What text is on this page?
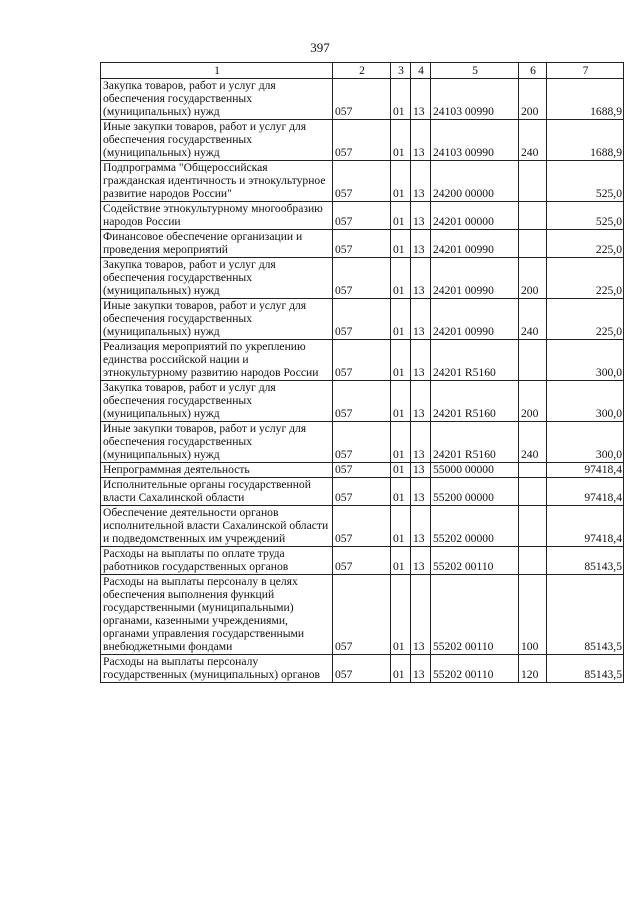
397
1	2	3	4	5	6	7
Закупка товаров, работ и услуг для обеспечения государственных (муниципальных) нужд	057	01	13	24103 00990	200	1688,9
Иные закупки товаров, работ и услуг для обеспечения государственных (муниципальных) нужд	057	01	13	24103 00990	240	1688,9
Подпрограмма "Общероссийская гражданская идентичность и этнокультурное развитие народов России"	057	01	13	24200 00000		525,0
Содействие этнокультурному многообразию народов России	057	01	13	24201 00000		525,0
Финансовое обеспечение организации и проведения мероприятий	057	01	13	24201 00990		225,0
Закупка товаров, работ и услуг для обеспечения государственных (муниципальных) нужд	057	01	13	24201 00990	200	225,0
Иные закупки товаров, работ и услуг для обеспечения государственных (муниципальных) нужд	057	01	13	24201 00990	240	225,0
Реализация мероприятий по укреплению единства российской нации и этнокультурному развитию народов России	057	01	13	24201 R5160		300,0
Закупка товаров, работ и услуг для обеспечения государственных (муниципальных) нужд	057	01	13	24201 R5160	200	300,0
Иные закупки товаров, работ и услуг для обеспечения государственных (муниципальных) нужд	057	01	13	24201 R5160	240	300,0
Непрограммная деятельность	057	01	13	55000 00000		97418,4
Исполнительные органы государственной власти Сахалинской области	057	01	13	55200 00000		97418,4
Обеспечение деятельности органов исполнительной власти Сахалинской области и подведомственных им учреждений	057	01	13	55202 00000		97418,4
Расходы на выплаты по оплате труда работников государственных органов	057	01	13	55202 00110		85143,5
Расходы на выплаты персоналу в целях обеспечения выполнения функций государственными (муниципальными) органами, казенными учреждениями, органами управления государственными внебюджетными фондами	057	01	13	55202 00110	100	85143,5
Расходы на выплаты персоналу государственных (муниципальных) органов	057	01	13	55202 00110	120	85143,5
